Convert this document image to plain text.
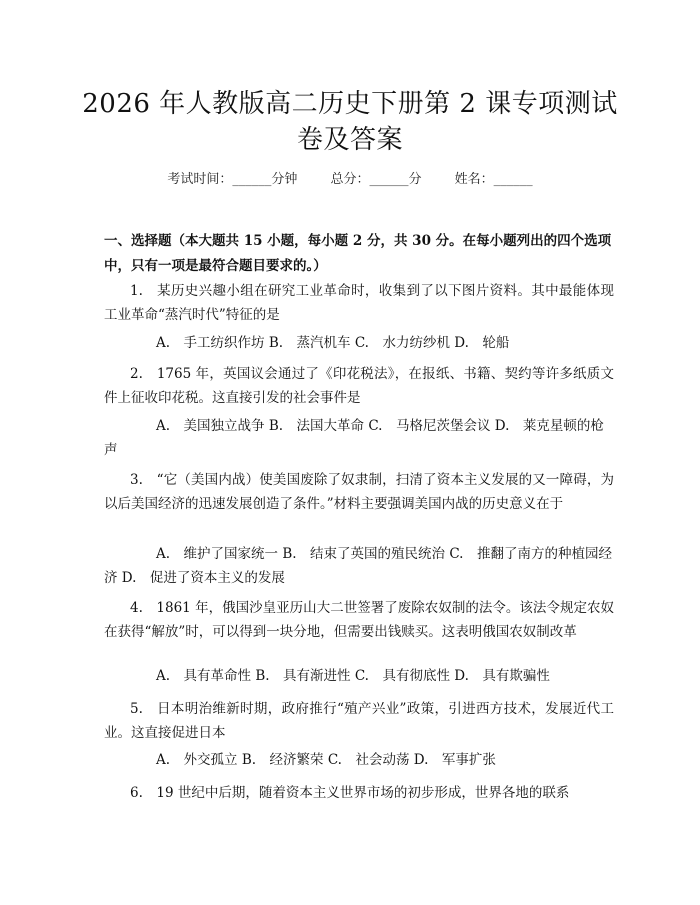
2026 年人教版高二历史下册第 2 课专项测试
卷及答案
考试时间：______分钟	总分：______分	姓名：______
一、选择题（本大题共 15 小题，每小题 2 分，共 30 分。在每小题列出的四个选项中，只有一项是最符合题目要求的。）
1.　某历史兴趣小组在研究工业革命时，收集到了以下图片资料。其中最能体现工业革命“蒸汽时代”特征的是
A.　手工纺织作坊 B.　蒸汽机车 C.　水力纺纱机 D.　轮船
2.　1765 年，英国议会通过了《印花税法》，在报纸、书籍、契约等许多纸质文件上征收印花税。这直接引发的社会事件是
A.　美国独立战争 B.　法国大革命 C.　马格尼茨堡会议 D.　莱克星顿的枪声
3.　“它（美国内战）使美国废除了奴隶制，扫清了资本主义发展的又一障碍，为以后美国经济的迅速发展创造了条件。”材料主要强调美国内战的历史意义在于
A.　维护了国家统一 B.　结束了英国的殖民统治 C.　推翻了南方的种植园经济 D.　促进了资本主义的发展
4.　1861 年，俄国沙皇亚历山大二世签署了废除农奴制的法令。该法令规定农奴在获得“解放”时，可以得到一块分地，但需要出钱赎买。这表明俄国农奴制改革
A.　具有革命性 B.　具有渐进性 C.　具有彻底性 D.　具有欺骗性
5.　日本明治维新时期，政府推行“殖产兴业”政策，引进西方技术，发展近代工业。这直接促进日本
A.　外交孤立 B.　经济繁荣 C.　社会动荡 D.　军事扩张
6.　19 世纪中后期，随着资本主义世界市场的初步形成，世界各地的联系
